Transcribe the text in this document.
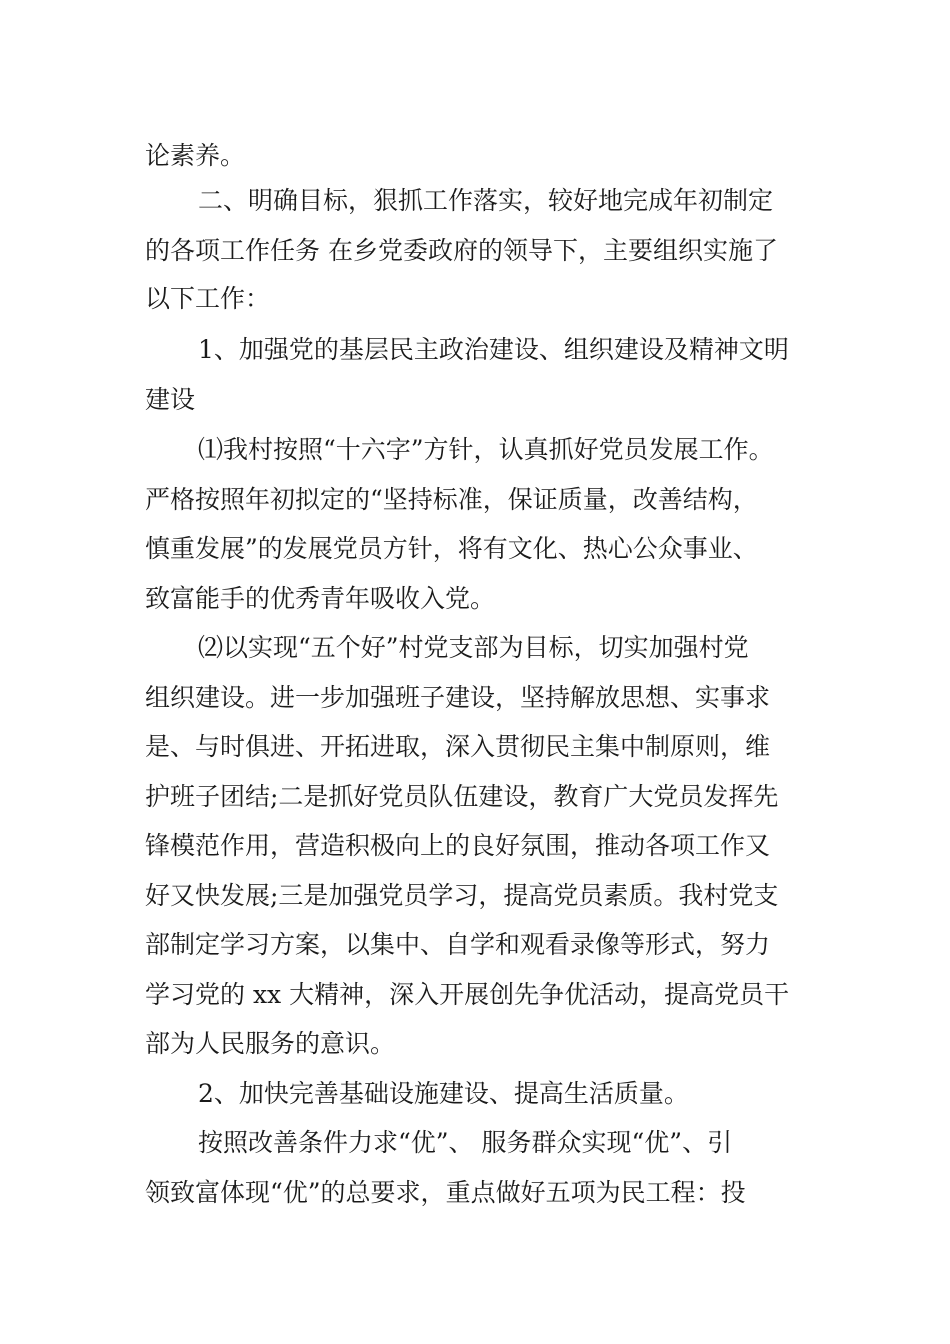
论素养。
二、明确目标，狠抓工作落实，较好地完成年初制定
的各项工作任务 在乡党委政府的领导下，主要组织实施了
以下工作：
1、加强党的基层民主政治建设、组织建设及精神文明
建设
⑴我村按照“十六字”方针，认真抓好党员发展工作。
严格按照年初拟定的“坚持标准，保证质量，改善结构，
慎重发展”的发展党员方针，将有文化、热心公众事业、
致富能手的优秀青年吸收入党。
⑵以实现“五个好”村党支部为目标，切实加强村党
组织建设。进一步加强班子建设，坚持解放思想、实事求
是、与时俱进、开拓进取，深入贯彻民主集中制原则，维
护班子团结;二是抓好党员队伍建设，教育广大党员发挥先
锋模范作用，营造积极向上的良好氛围，推动各项工作又
好又快发展;三是加强党员学习，提高党员素质。我村党支
部制定学习方案，以集中、自学和观看录像等形式，努力
学习党的 xx 大精神，深入开展创先争优活动，提高党员干
部为人民服务的意识。
2、加快完善基础设施建设、提高生活质量。
按照改善条件力求“优”、 服务群众实现“优”、引
领致富体现“优”的总要求，重点做好五项为民工程：投
